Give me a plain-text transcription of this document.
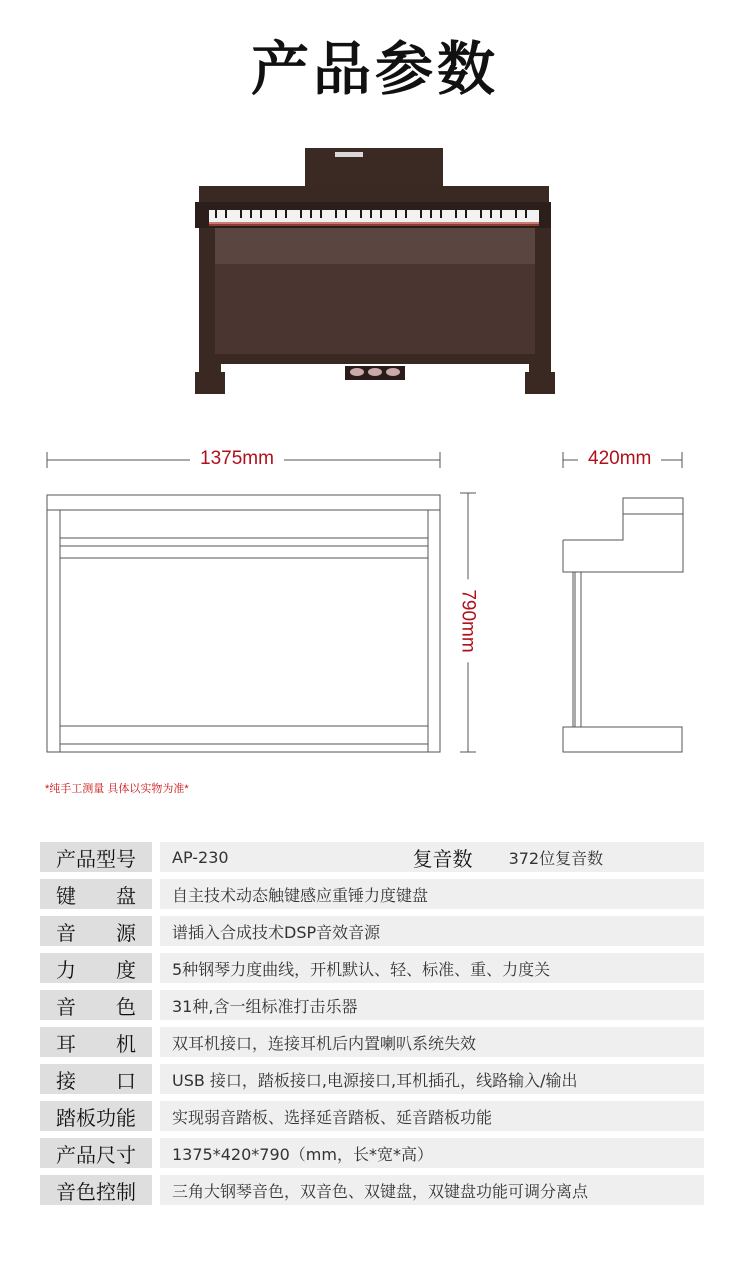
产品参数
1375mm	420mm
790mm
*纯手工测量 具体以实物为准*
产品型号	AP-230	复音数	372位复音数
键 盘	自主技术动态触键感应重锤力度键盘
音 源	谱插入合成技术DSP音效音源
力 度	5种钢琴力度曲线，开机默认、轻、标准、重、力度关
音 色	31种,含一组标准打击乐器
耳 机	双耳机接口，连接耳机后内置喇叭系统失效
接 口	USB 接口，踏板接口,电源接口,耳机插孔，线路输入/输出
踏板功能	实现弱音踏板、选择延音踏板、延音踏板功能
产品尺寸	1375*420*790（mm，长*宽*高）
音色控制	三角大钢琴音色，双音色、双键盘，双键盘功能可调分离点
